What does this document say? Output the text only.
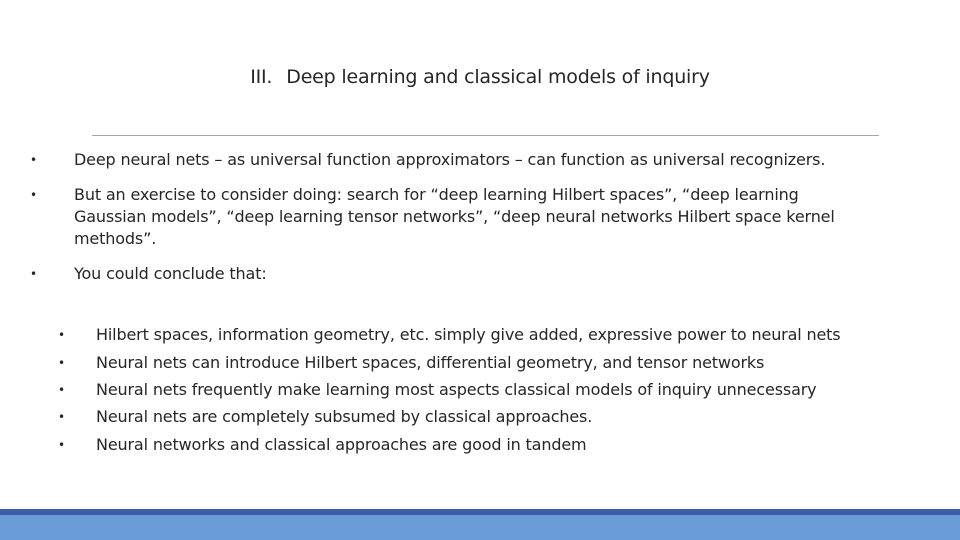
III. Deep learning and classical models of inquiry
• Deep neural nets – as universal function approximators – can function as universal recognizers.
• But an exercise to consider doing: search for “deep learning Hilbert spaces”, “deep learning Gaussian models”, “deep learning tensor networks”, “deep neural networks Hilbert space kernel methods”.
• You could conclude that:
• Hilbert spaces, information geometry, etc. simply give added, expressive power to neural nets
• Neural nets can introduce Hilbert spaces, differential geometry, and tensor networks
• Neural nets frequently make learning most aspects classical models of inquiry unnecessary
• Neural nets are completely subsumed by classical approaches.
• Neural networks and classical approaches are good in tandem
